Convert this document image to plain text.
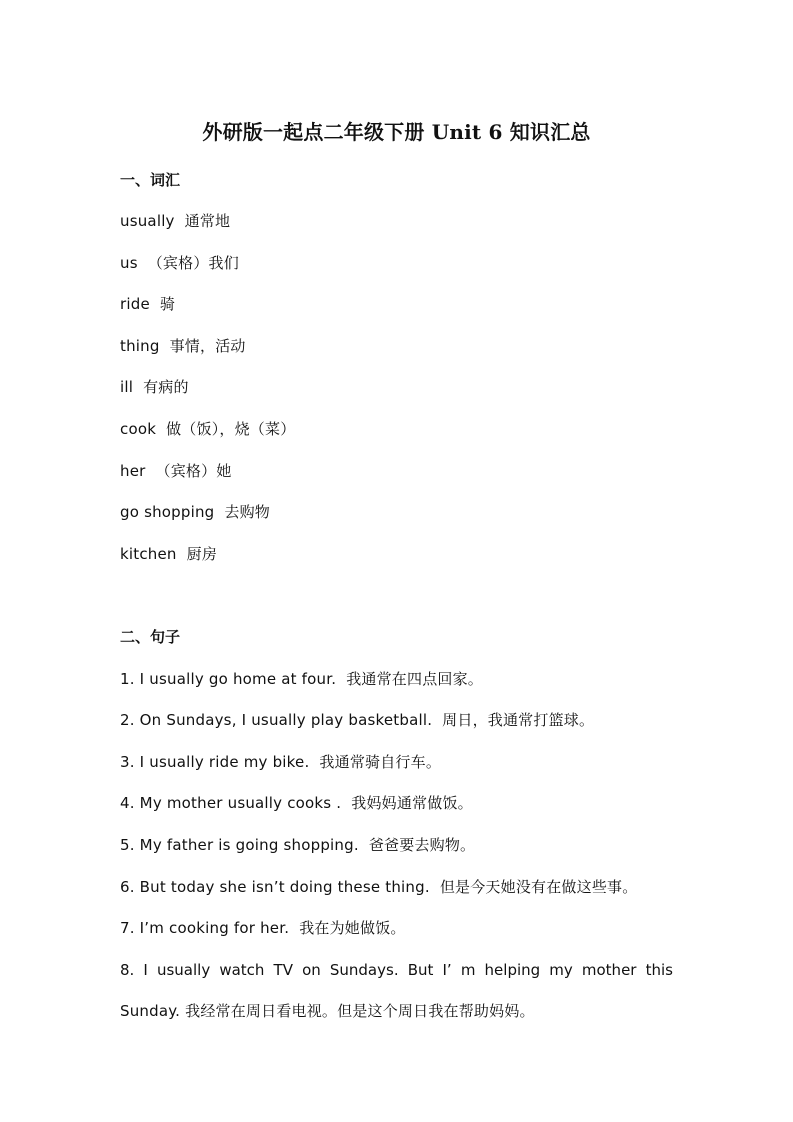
外研版一起点二年级下册 Unit 6 知识汇总
一、词汇
usually 通常地
us （宾格）我们
ride 骑
thing 事情，活动
ill 有病的
cook 做（饭），烧（菜）
her （宾格）她
go shopping 去购物
kitchen 厨房
二、句子
1. I usually go home at four. 我通常在四点回家。
2. On Sundays, I usually play basketball. 周日，我通常打篮球。
3. I usually ride my bike. 我通常骑自行车。
4. My mother usually cooks . 我妈妈通常做饭。
5. My father is going shopping. 爸爸要去购物。
6. But today she isn’t doing these thing. 但是今天她没有在做这些事。
7. I’m cooking for her. 我在为她做饭。
8. I usually watch TV on Sundays. But I’ m helping my mother this
Sunday. 我经常在周日看电视。但是这个周日我在帮助妈妈。
